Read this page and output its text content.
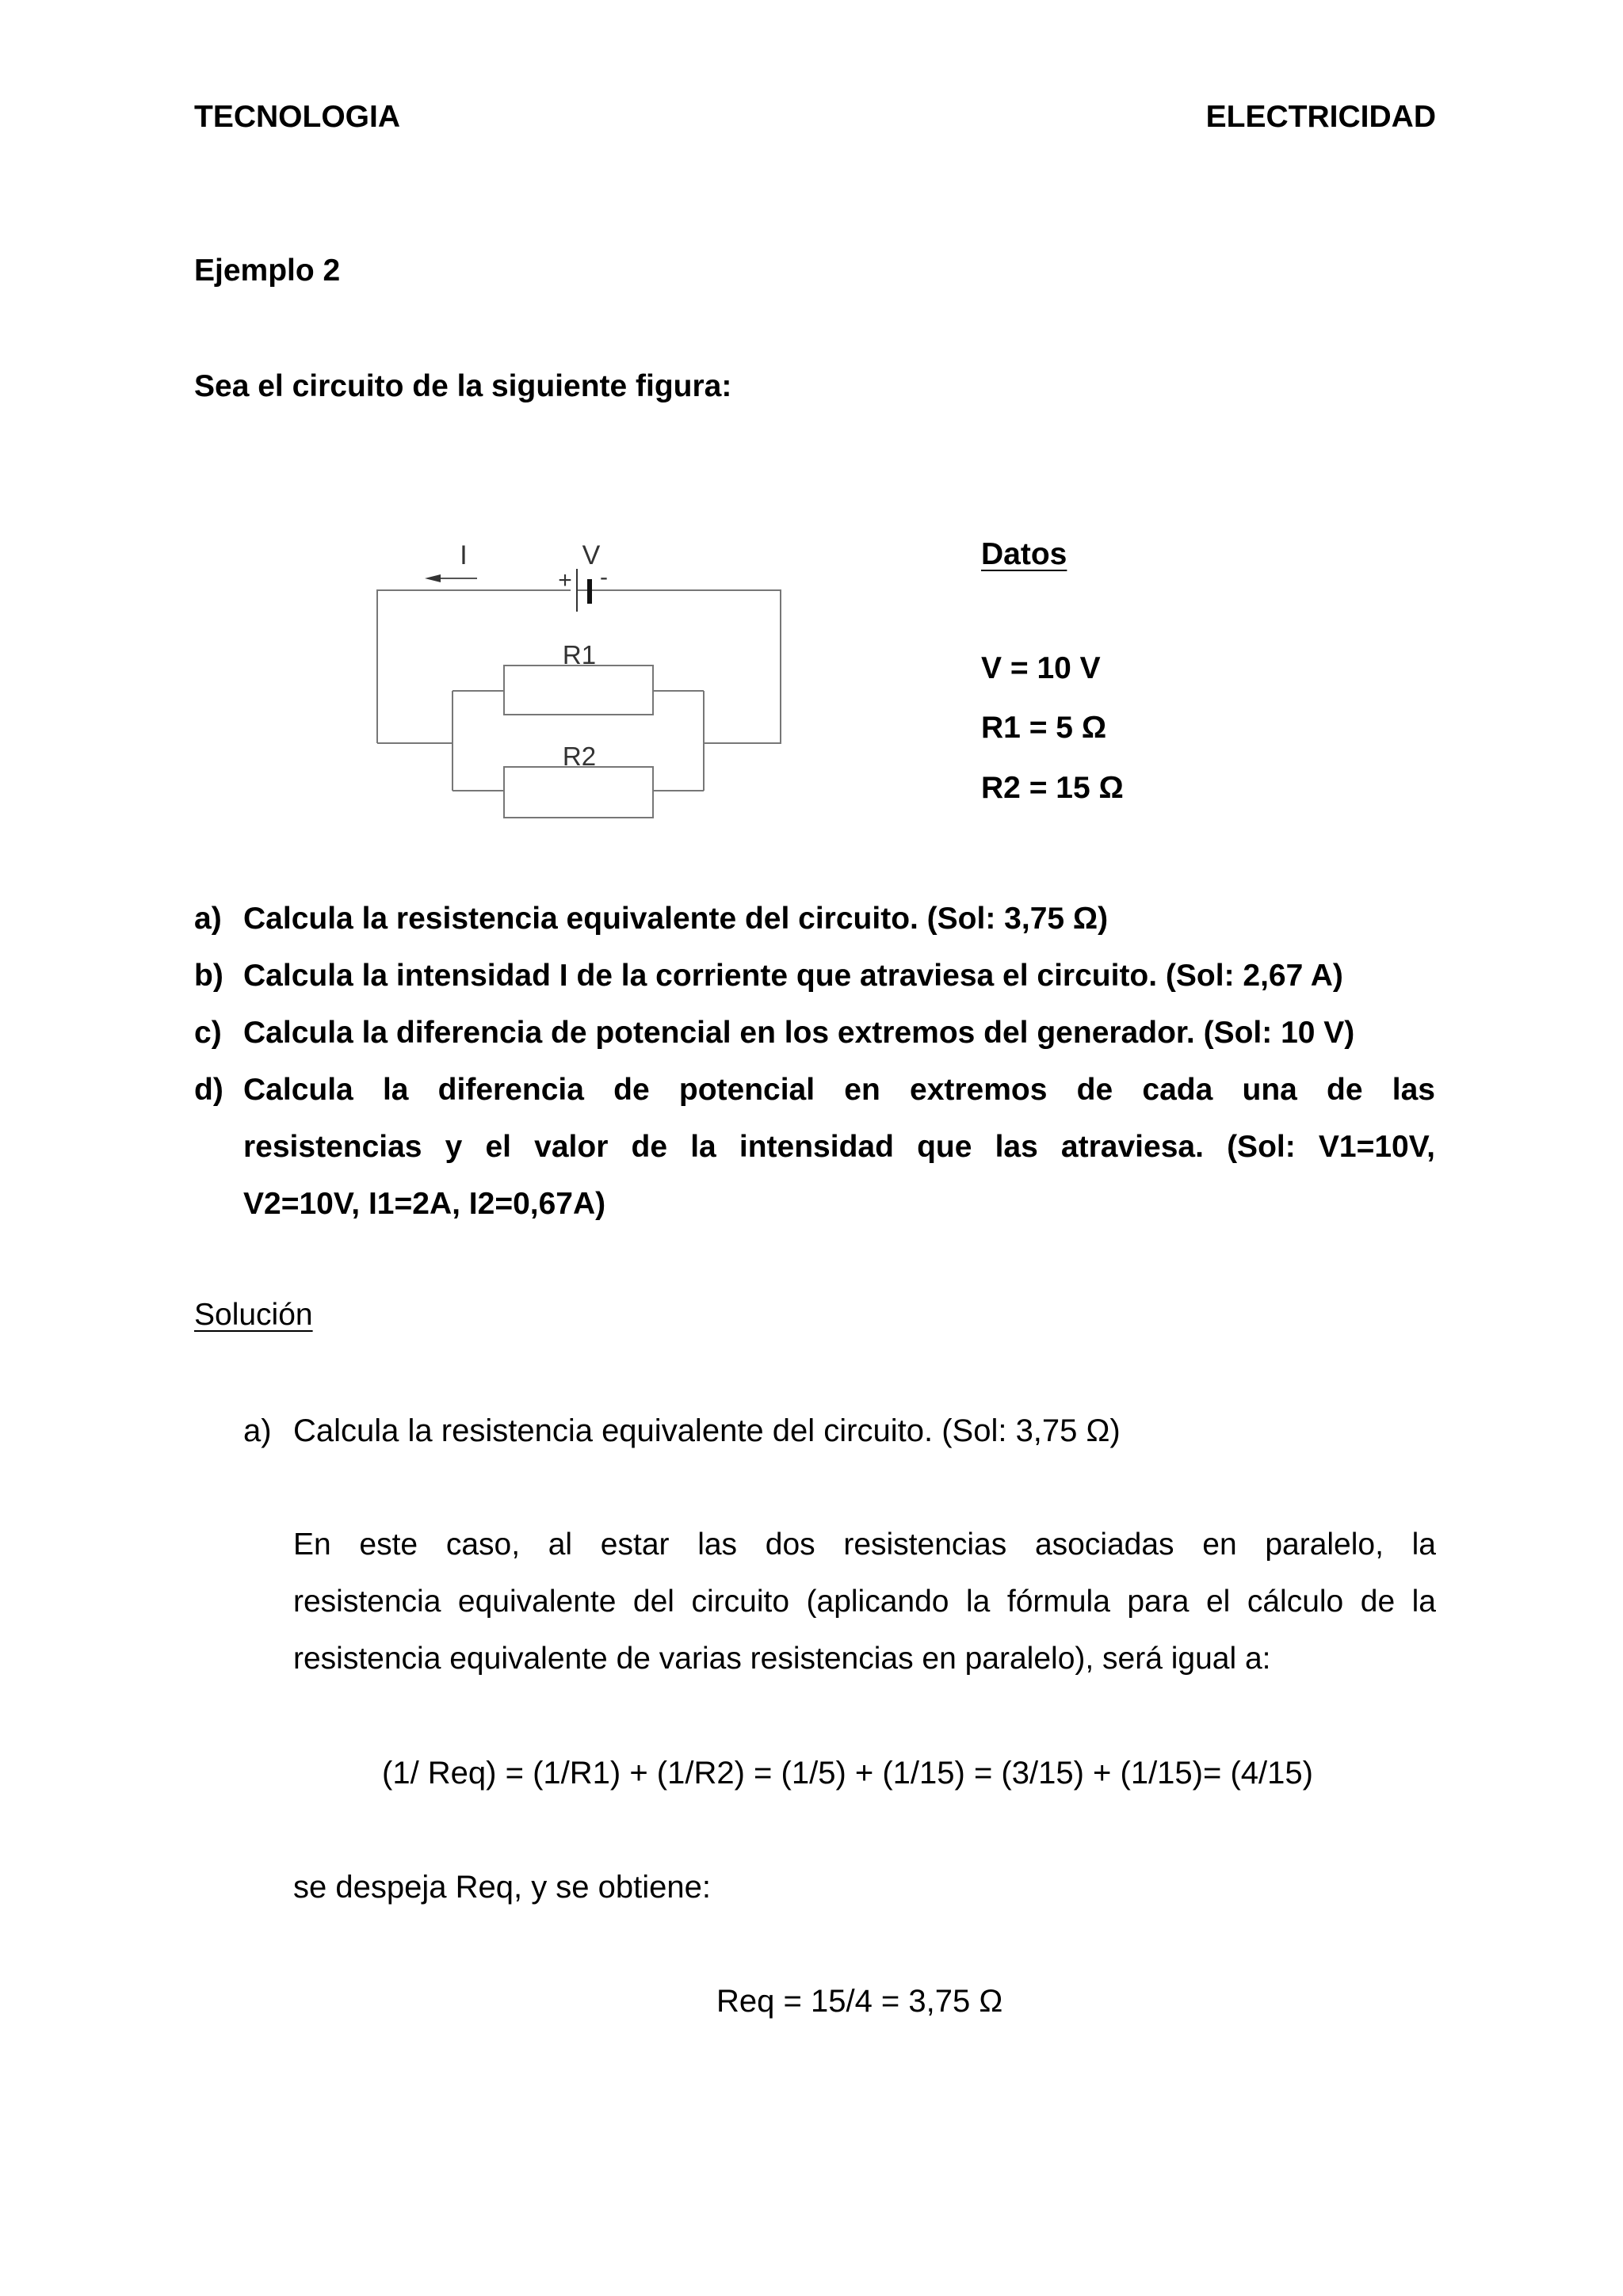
TECNOLOGIA	ELECTRICIDAD
Ejemplo 2
Sea el circuito de la siguiente figura:
I	V
+ -
R1
R2
Datos
V = 10 V
R1 = 5 Ω
R2 = 15 Ω
a) Calcula la resistencia equivalente del circuito. (Sol: 3,75 Ω)
b) Calcula la intensidad I de la corriente que atraviesa el circuito. (Sol: 2,67 A)
c) Calcula la diferencia de potencial en los extremos del generador. (Sol: 10 V)
d) Calcula la diferencia de potencial en extremos de cada una de las
resistencias y el valor de la intensidad que las atraviesa. (Sol: V1=10V,
V2=10V, I1=2A, I2=0,67A)
Solución
a) Calcula la resistencia equivalente del circuito. (Sol: 3,75 Ω)
En este caso, al estar las dos resistencias asociadas en paralelo, la
resistencia equivalente del circuito (aplicando la fórmula para el cálculo de la
resistencia equivalente de varias resistencias en paralelo), será igual a:
(1/ Req) = (1/R1) + (1/R2) = (1/5) + (1/15) = (3/15) + (1/15)= (4/15)
se despeja Req, y se obtiene:
Req = 15/4 = 3,75 Ω
